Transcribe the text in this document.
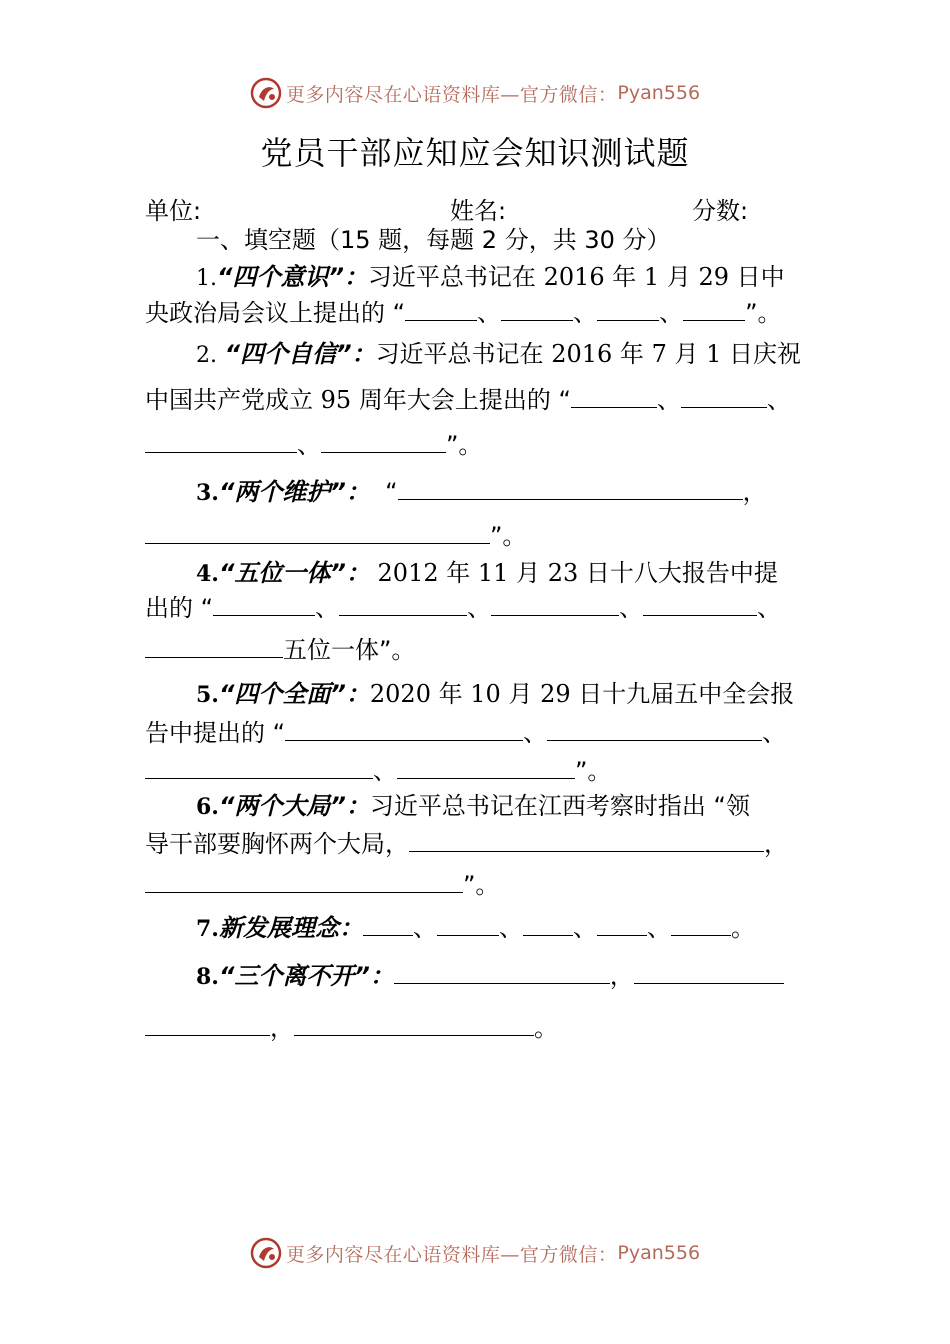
更多内容尽在心语资料库—官方微信： Pyan556
党员干部应知应会知识测试题
单位:	姓名:	分数:
一、填空题（15 题，每题 2 分，共 30 分）
1.“四个意识”：习近平总书记在 2016 年 1 月 29 日中
央政治局会议上提出的 “	、	、	、	”。
2. “四个自信”：习近平总书记在 2016 年 7 月 1 日庆祝
中国共产党成立 95 周年大会上提出的 “	、	、
、	”。
3.“两个维护”： “	，
”。
4.“五位一体”： 2012 年 11 月 23 日十八大报告中提
出的 “	、	、	、	、
五位一体”。
5.“四个全面”：2020 年 10 月 29 日十九届五中全会报
告中提出的 “	、	、
、	”。
6.“两个大局”：习近平总书记在江西考察时指出 “领
导干部要胸怀两个大局，	，
”。
7.新发展理念： 、	、 、 、	。
8.“三个离不开”：	，
，	。
更多内容尽在心语资料库—官方微信： Pyan556
